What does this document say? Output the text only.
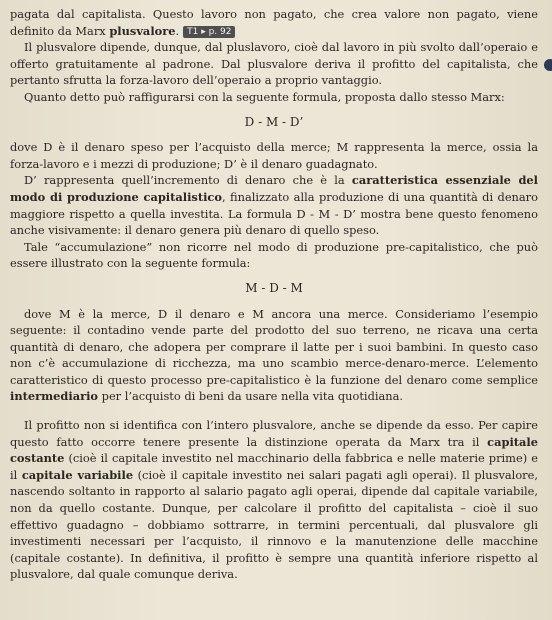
pagata dal capitalista. Questo lavoro non pagato, che crea valore non pagato, viene definito da Marx plusvalore. T1 ▸ p. 92

Il plusvalore dipende, dunque, dal pluslavoro, cioè dal lavoro in più svolto dall’operaio e offerto gratuitamente al padrone. Dal plusvalore deriva il profitto del capitalista, che pertanto sfrutta la forza-lavoro dell’operaio a proprio vantaggio.

Quanto detto può raffigurarsi con la seguente formula, proposta dallo stesso Marx:

D - M - D’

dove D è il denaro speso per l’acquisto della merce; M rappresenta la merce, ossia la forza-lavoro e i mezzi di produzione; D’ è il denaro guadagnato.

D’ rappresenta quell’incremento di denaro che è la caratteristica essenziale del modo di produzione capitalistico, finalizzato alla produzione di una quantità di denaro maggiore rispetto a quella investita. La formula D - M - D’ mostra bene questo fenomeno anche visivamente: il denaro genera più denaro di quello speso.

Tale “accumulazione” non ricorre nel modo di produzione pre-capitalistico, che può essere illustrato con la seguente formula:

M - D - M

dove M è la merce, D il denaro e M ancora una merce. Consideriamo l’esempio seguente: il contadino vende parte del prodotto del suo terreno, ne ricava una certa quantità di denaro, che adopera per comprare il latte per i suoi bambini. In questo caso non c’è accumulazione di ricchezza, ma uno scambio merce-denaro-merce. L’elemento caratteristico di questo processo pre-capitalistico è la funzione del denaro come semplice intermediario per l’acquisto di beni da usare nella vita quotidiana.

Il profitto non si identifica con l’intero plusvalore, anche se dipende da esso. Per capire questo fatto occorre tenere presente la distinzione operata da Marx tra il capitale costante (cioè il capitale investito nel macchinario della fabbrica e nelle materie prime) e il capitale variabile (cioè il capitale investito nei salari pagati agli operai). Il plusvalore, nascendo soltanto in rapporto al salario pagato agli operai, dipende dal capitale variabile, non da quello costante. Dunque, per calcolare il profitto del capitalista – cioè il suo effettivo guadagno – dobbiamo sottrarre, in termini percentuali, dal plusvalore gli investimenti necessari per l’acquisto, il rinnovo e la manutenzione delle macchine (capitale costante). In definitiva, il profitto è sempre una quantità inferiore rispetto al plusvalore, dal quale comunque deriva.
